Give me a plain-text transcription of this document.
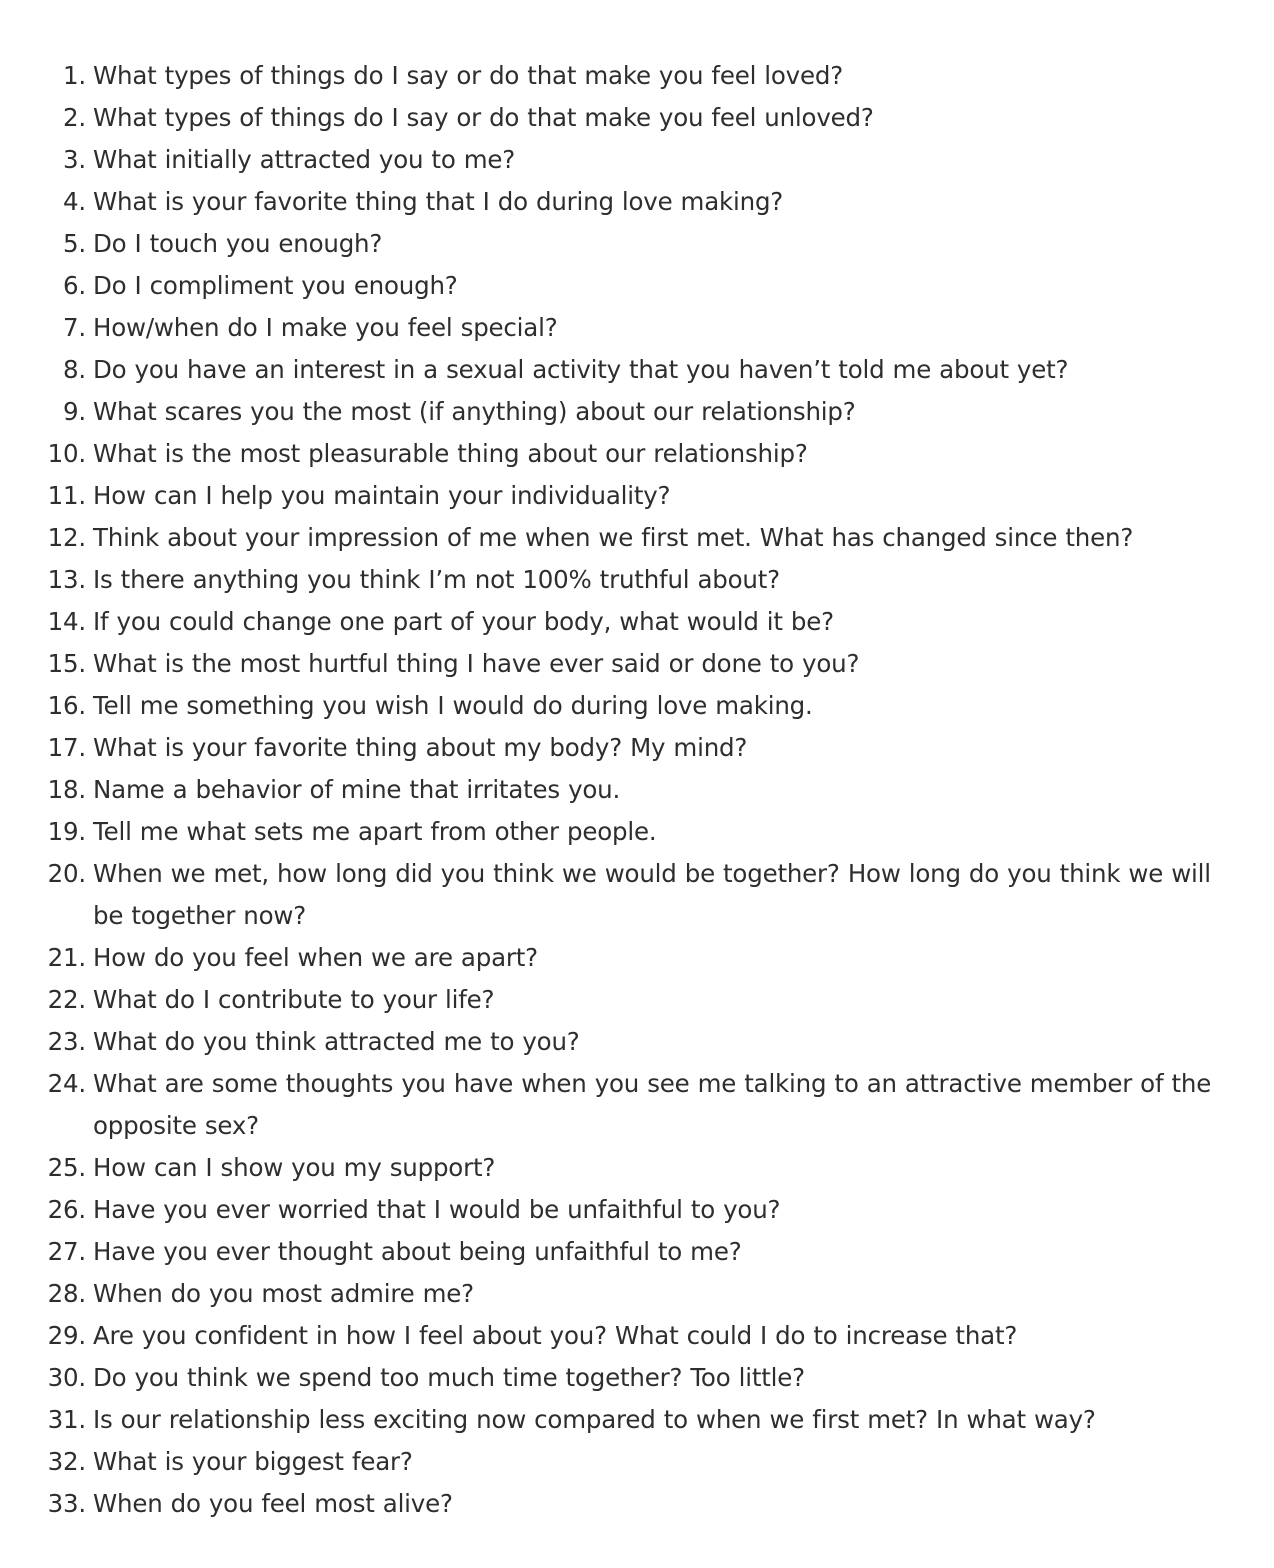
1. What types of things do I say or do that make you feel loved?
2. What types of things do I say or do that make you feel unloved?
3. What initially attracted you to me?
4. What is your favorite thing that I do during love making?
5. Do I touch you enough?
6. Do I compliment you enough?
7. How/when do I make you feel special?
8. Do you have an interest in a sexual activity that you haven’t told me about yet?
9. What scares you the most (if anything) about our relationship?
10. What is the most pleasurable thing about our relationship?
11. How can I help you maintain your individuality?
12. Think about your impression of me when we first met. What has changed since then?
13. Is there anything you think I’m not 100% truthful about?
14. If you could change one part of your body, what would it be?
15. What is the most hurtful thing I have ever said or done to you?
16. Tell me something you wish I would do during love making.
17. What is your favorite thing about my body? My mind?
18. Name a behavior of mine that irritates you.
19. Tell me what sets me apart from other people.
20. When we met, how long did you think we would be together? How long do you think we will be together now?
21. How do you feel when we are apart?
22. What do I contribute to your life?
23. What do you think attracted me to you?
24. What are some thoughts you have when you see me talking to an attractive member of the opposite sex?
25. How can I show you my support?
26. Have you ever worried that I would be unfaithful to you?
27. Have you ever thought about being unfaithful to me?
28. When do you most admire me?
29. Are you confident in how I feel about you? What could I do to increase that?
30. Do you think we spend too much time together? Too little?
31. Is our relationship less exciting now compared to when we first met? In what way?
32. What is your biggest fear?
33. When do you feel most alive?
